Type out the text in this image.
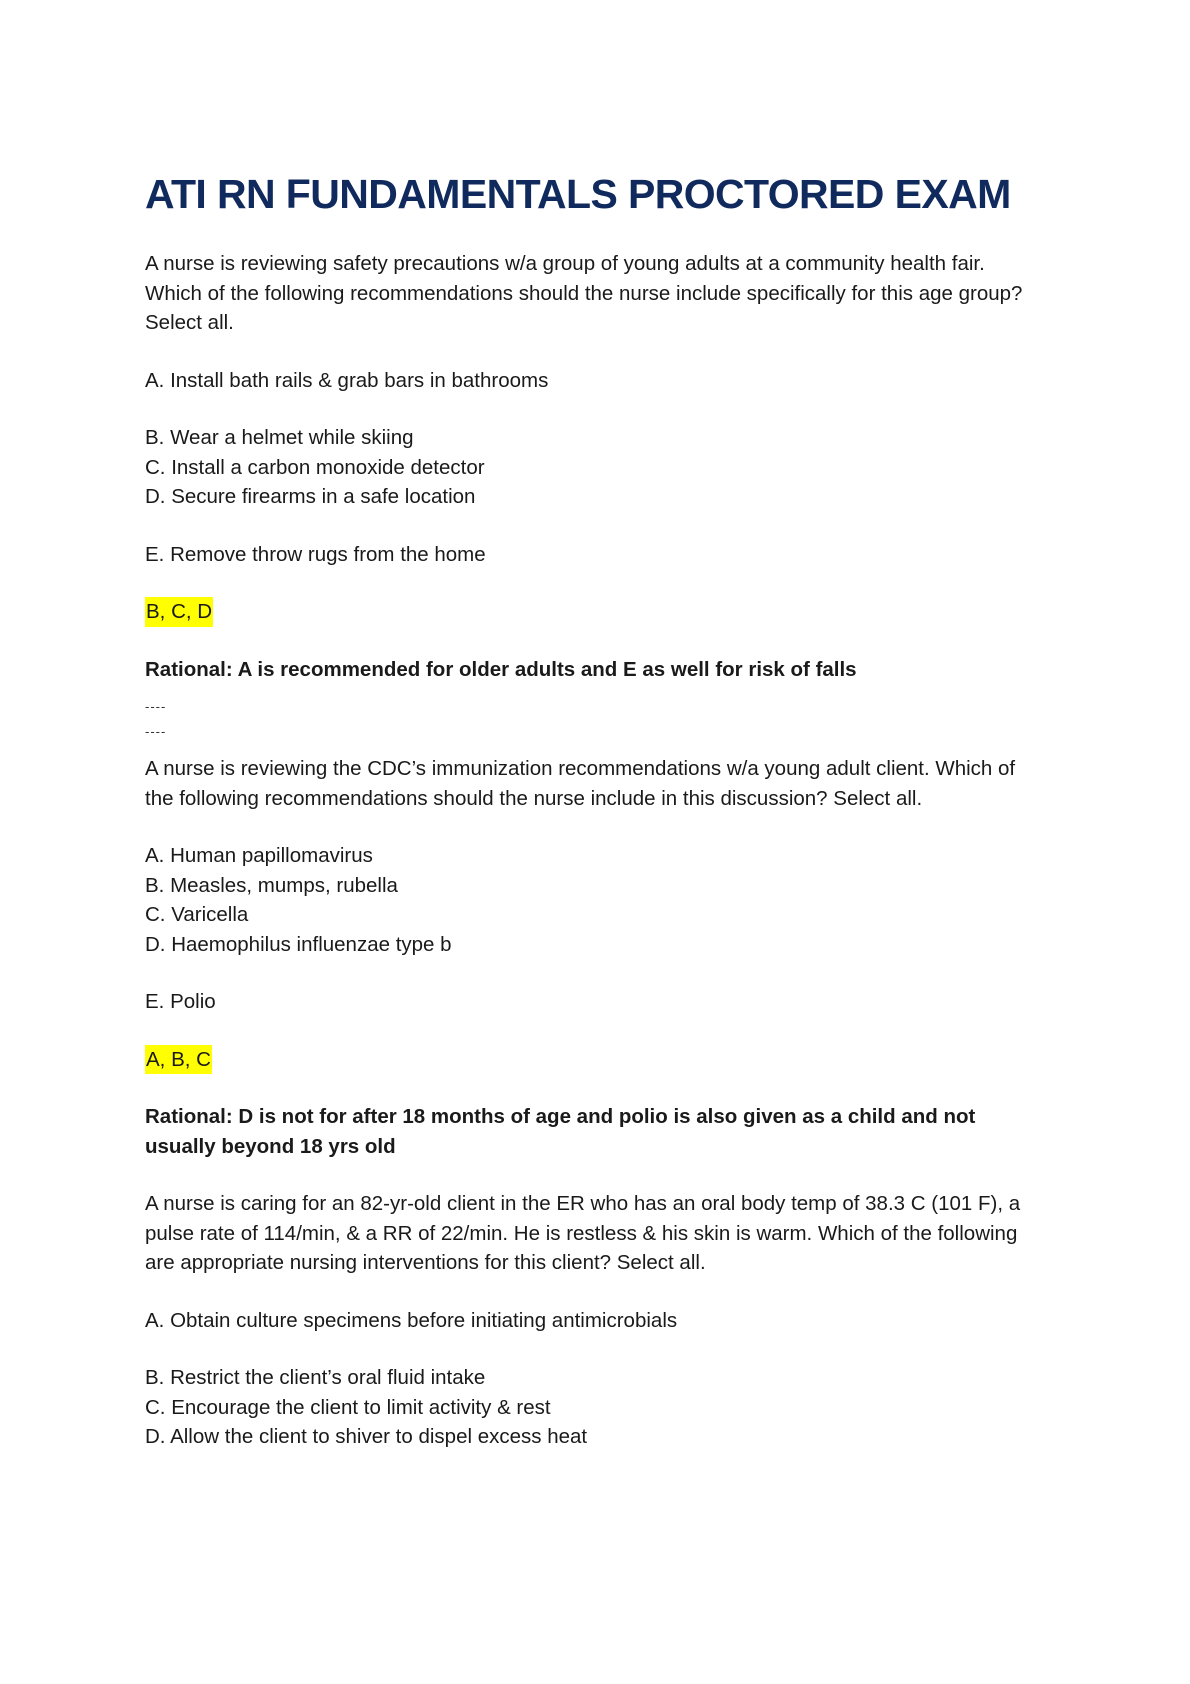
ATI RN FUNDAMENTALS PROCTORED EXAM

A nurse is reviewing safety precautions w/a group of young adults at a community health fair. Which of the following recommendations should the nurse include specifically for this age group? Select all.

A. Install bath rails & grab bars in bathrooms

B. Wear a helmet while skiing

C. Install a carbon monoxide detector

D. Secure firearms in a safe location

E. Remove throw rugs from the home

B, C, D

Rational: A is recommended for older adults and E as well for risk of falls

----

----

A nurse is reviewing the CDC’s immunization recommendations w/a young adult client. Which of the following recommendations should the nurse include in this discussion? Select all.

A. Human papillomavirus

B. Measles, mumps, rubella

C. Varicella

D. Haemophilus influenzae type b

E. Polio

A, B, C

Rational: D is not for after 18 months of age and polio is also given as a child and not usually beyond 18 yrs old

A nurse is caring for an 82-yr-old client in the ER who has an oral body temp of 38.3 C (101 F), a pulse rate of 114/min, & a RR of 22/min. He is restless & his skin is warm. Which of the following are appropriate nursing interventions for this client? Select all.

A. Obtain culture specimens before initiating antimicrobials

B. Restrict the client’s oral fluid intake

C. Encourage the client to limit activity & rest

D. Allow the client to shiver to dispel excess heat
